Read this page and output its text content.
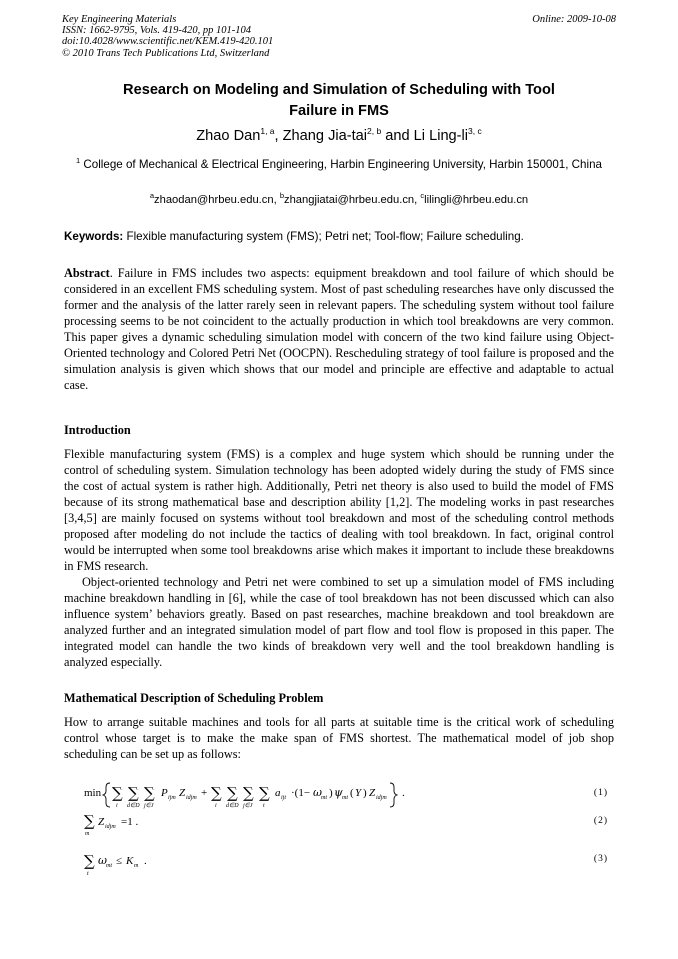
Key Engineering Materials
ISSN: 1662-9795, Vols. 419-420, pp 101-104
doi:10.4028/www.scientific.net/KEM.419-420.101
© 2010 Trans Tech Publications Ltd, Switzerland
Online: 2009-10-08
Research on Modeling and Simulation of Scheduling with Tool
Failure in FMS
Zhao Dan$^{1, a}$, Zhang Jia-tai$^{2, b}$ and Li Ling-li$^{3, c}$
$^1$ College of Mechanical & Electrical Engineering, Harbin Engineering University, Harbin 150001, China
$^a$zhaodan@hrbeu.edu.cn, $^b$zhangjiatai@hrbeu.edu.cn, $^c$lilingli@hrbeu.edu.cn
Keywords: Flexible manufacturing system (FMS); Petri net; Tool-flow; Failure scheduling.
Abstract. Failure in FMS includes two aspects: equipment breakdown and tool failure of which should be considered in an excellent FMS scheduling system. Most of past scheduling researches have only discussed the former and the analysis of the latter rarely seen in relevant papers. The scheduling system without tool failure processing seems to be not coincident to the actually production in which tool breakdowns are very common. This paper gives a dynamic scheduling simulation model with concern of the two kind failure using Object-Oriented technology and Colored Petri Net (OOCPN). Rescheduling strategy of tool failure is proposed and the simulation analysis is given which shows that our model and principle are effective and adaptable to actual case.
Introduction

Flexible manufacturing system (FMS) is a complex and huge system which should be running under the control of scheduling system. Simulation technology has been adopted widely during the study of FMS since the cost of actual system is rather high. Additionally, Petri net theory is also used to build the model of FMS because of its strong mathematical base and description ability [1,2]. The modeling works in past researches [3,4,5] are mainly focused on systems without tool breakdown and most of the scheduling control methods proposed after modeling do not include the tactics of dealing with tool breakdown. In fact, original control would be interrupted when some tool breakdowns arise which makes it important to include these breakdowns in FMS research.

Object-oriented technology and Petri net were combined to set up a simulation model of FMS including machine breakdown handling in [6], while the case of tool breakdown has not been discussed which can also influence system’ behaviors greatly. Based on past researches, machine breakdown and tool breakdown are analyzed further and an integrated simulation model of part flow and tool flow is proposed in this paper. The integrated model can handle the two kinds of breakdown very well and the tool breakdown handling is analyzed especially.

Mathematical Description of Scheduling Problem
How to arrange suitable machines and tools for all parts at suitable time is the critical work of scheduling control whose target is to make the make span of FMS shortest. The mathematical model of job shop scheduling can be set up as follows:
min ∑
i
∑
d∈D
∑
j∈J
P ijm Z idjm + ∑
i
∑
d∈D
∑
j∈J
∑
t
a ijt ·(1− ω mt ) ψ mt ( Y ) Z idjm .	(1)
∑
m
Z idjm =1 .	(2)
∑
t
ω mt ≤ K m .	(3)
